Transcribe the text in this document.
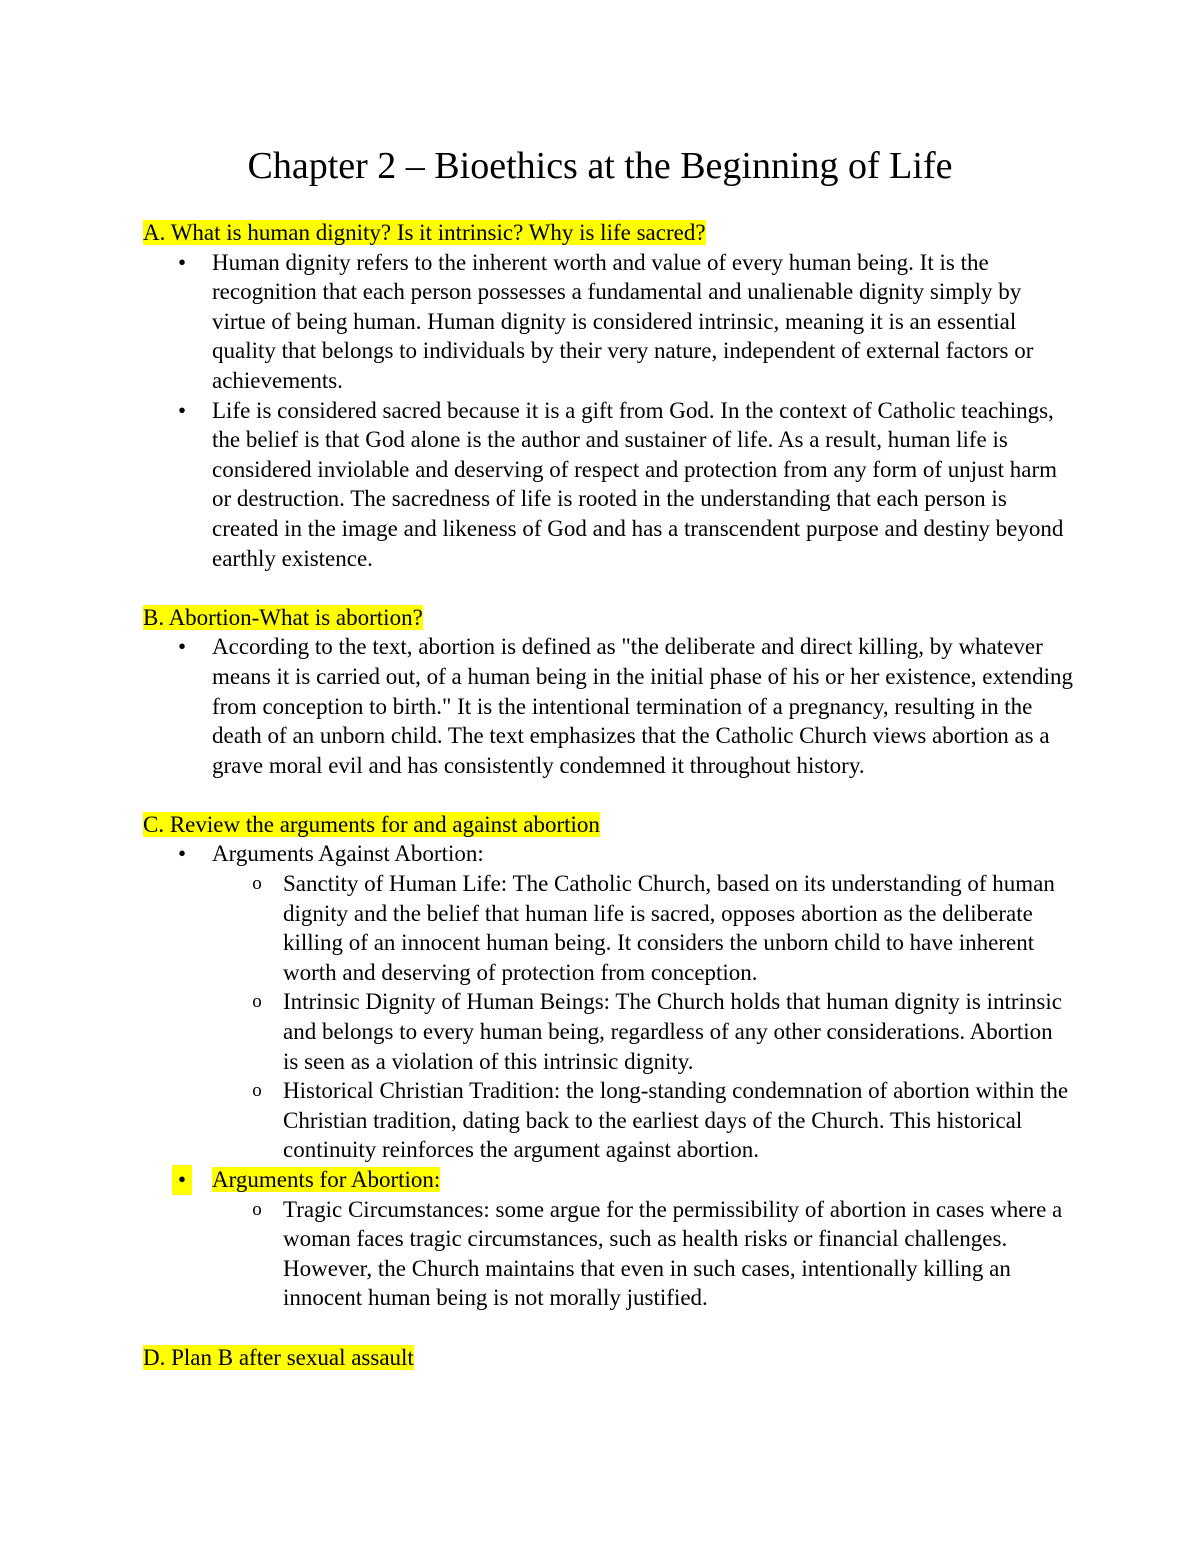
Chapter 2 – Bioethics at the Beginning of Life

A. What is human dignity? Is it intrinsic? Why is life sacred?

• Human dignity refers to the inherent worth and value of every human being. It is the recognition that each person possesses a fundamental and unalienable dignity simply by virtue of being human. Human dignity is considered intrinsic, meaning it is an essential quality that belongs to individuals by their very nature, independent of external factors or achievements.
• Life is considered sacred because it is a gift from God. In the context of Catholic teachings, the belief is that God alone is the author and sustainer of life. As a result, human life is considered inviolable and deserving of respect and protection from any form of unjust harm or destruction. The sacredness of life is rooted in the understanding that each person is created in the image and likeness of God and has a transcendent purpose and destiny beyond earthly existence.

B. Abortion-What is abortion?

• According to the text, abortion is defined as "the deliberate and direct killing, by whatever means it is carried out, of a human being in the initial phase of his or her existence, extending from conception to birth." It is the intentional termination of a pregnancy, resulting in the death of an unborn child. The text emphasizes that the Catholic Church views abortion as a grave moral evil and has consistently condemned it throughout history.

C. Review the arguments for and against abortion

• Arguments Against Abortion:
o Sanctity of Human Life: The Catholic Church, based on its understanding of human dignity and the belief that human life is sacred, opposes abortion as the deliberate killing of an innocent human being. It considers the unborn child to have inherent worth and deserving of protection from conception.
o Intrinsic Dignity of Human Beings: The Church holds that human dignity is intrinsic and belongs to every human being, regardless of any other considerations. Abortion is seen as a violation of this intrinsic dignity.
o Historical Christian Tradition: the long-standing condemnation of abortion within the Christian tradition, dating back to the earliest days of the Church. This historical continuity reinforces the argument against abortion.
• Arguments for Abortion:
o Tragic Circumstances: some argue for the permissibility of abortion in cases where a woman faces tragic circumstances, such as health risks or financial challenges. However, the Church maintains that even in such cases, intentionally killing an innocent human being is not morally justified.

D. Plan B after sexual assault
